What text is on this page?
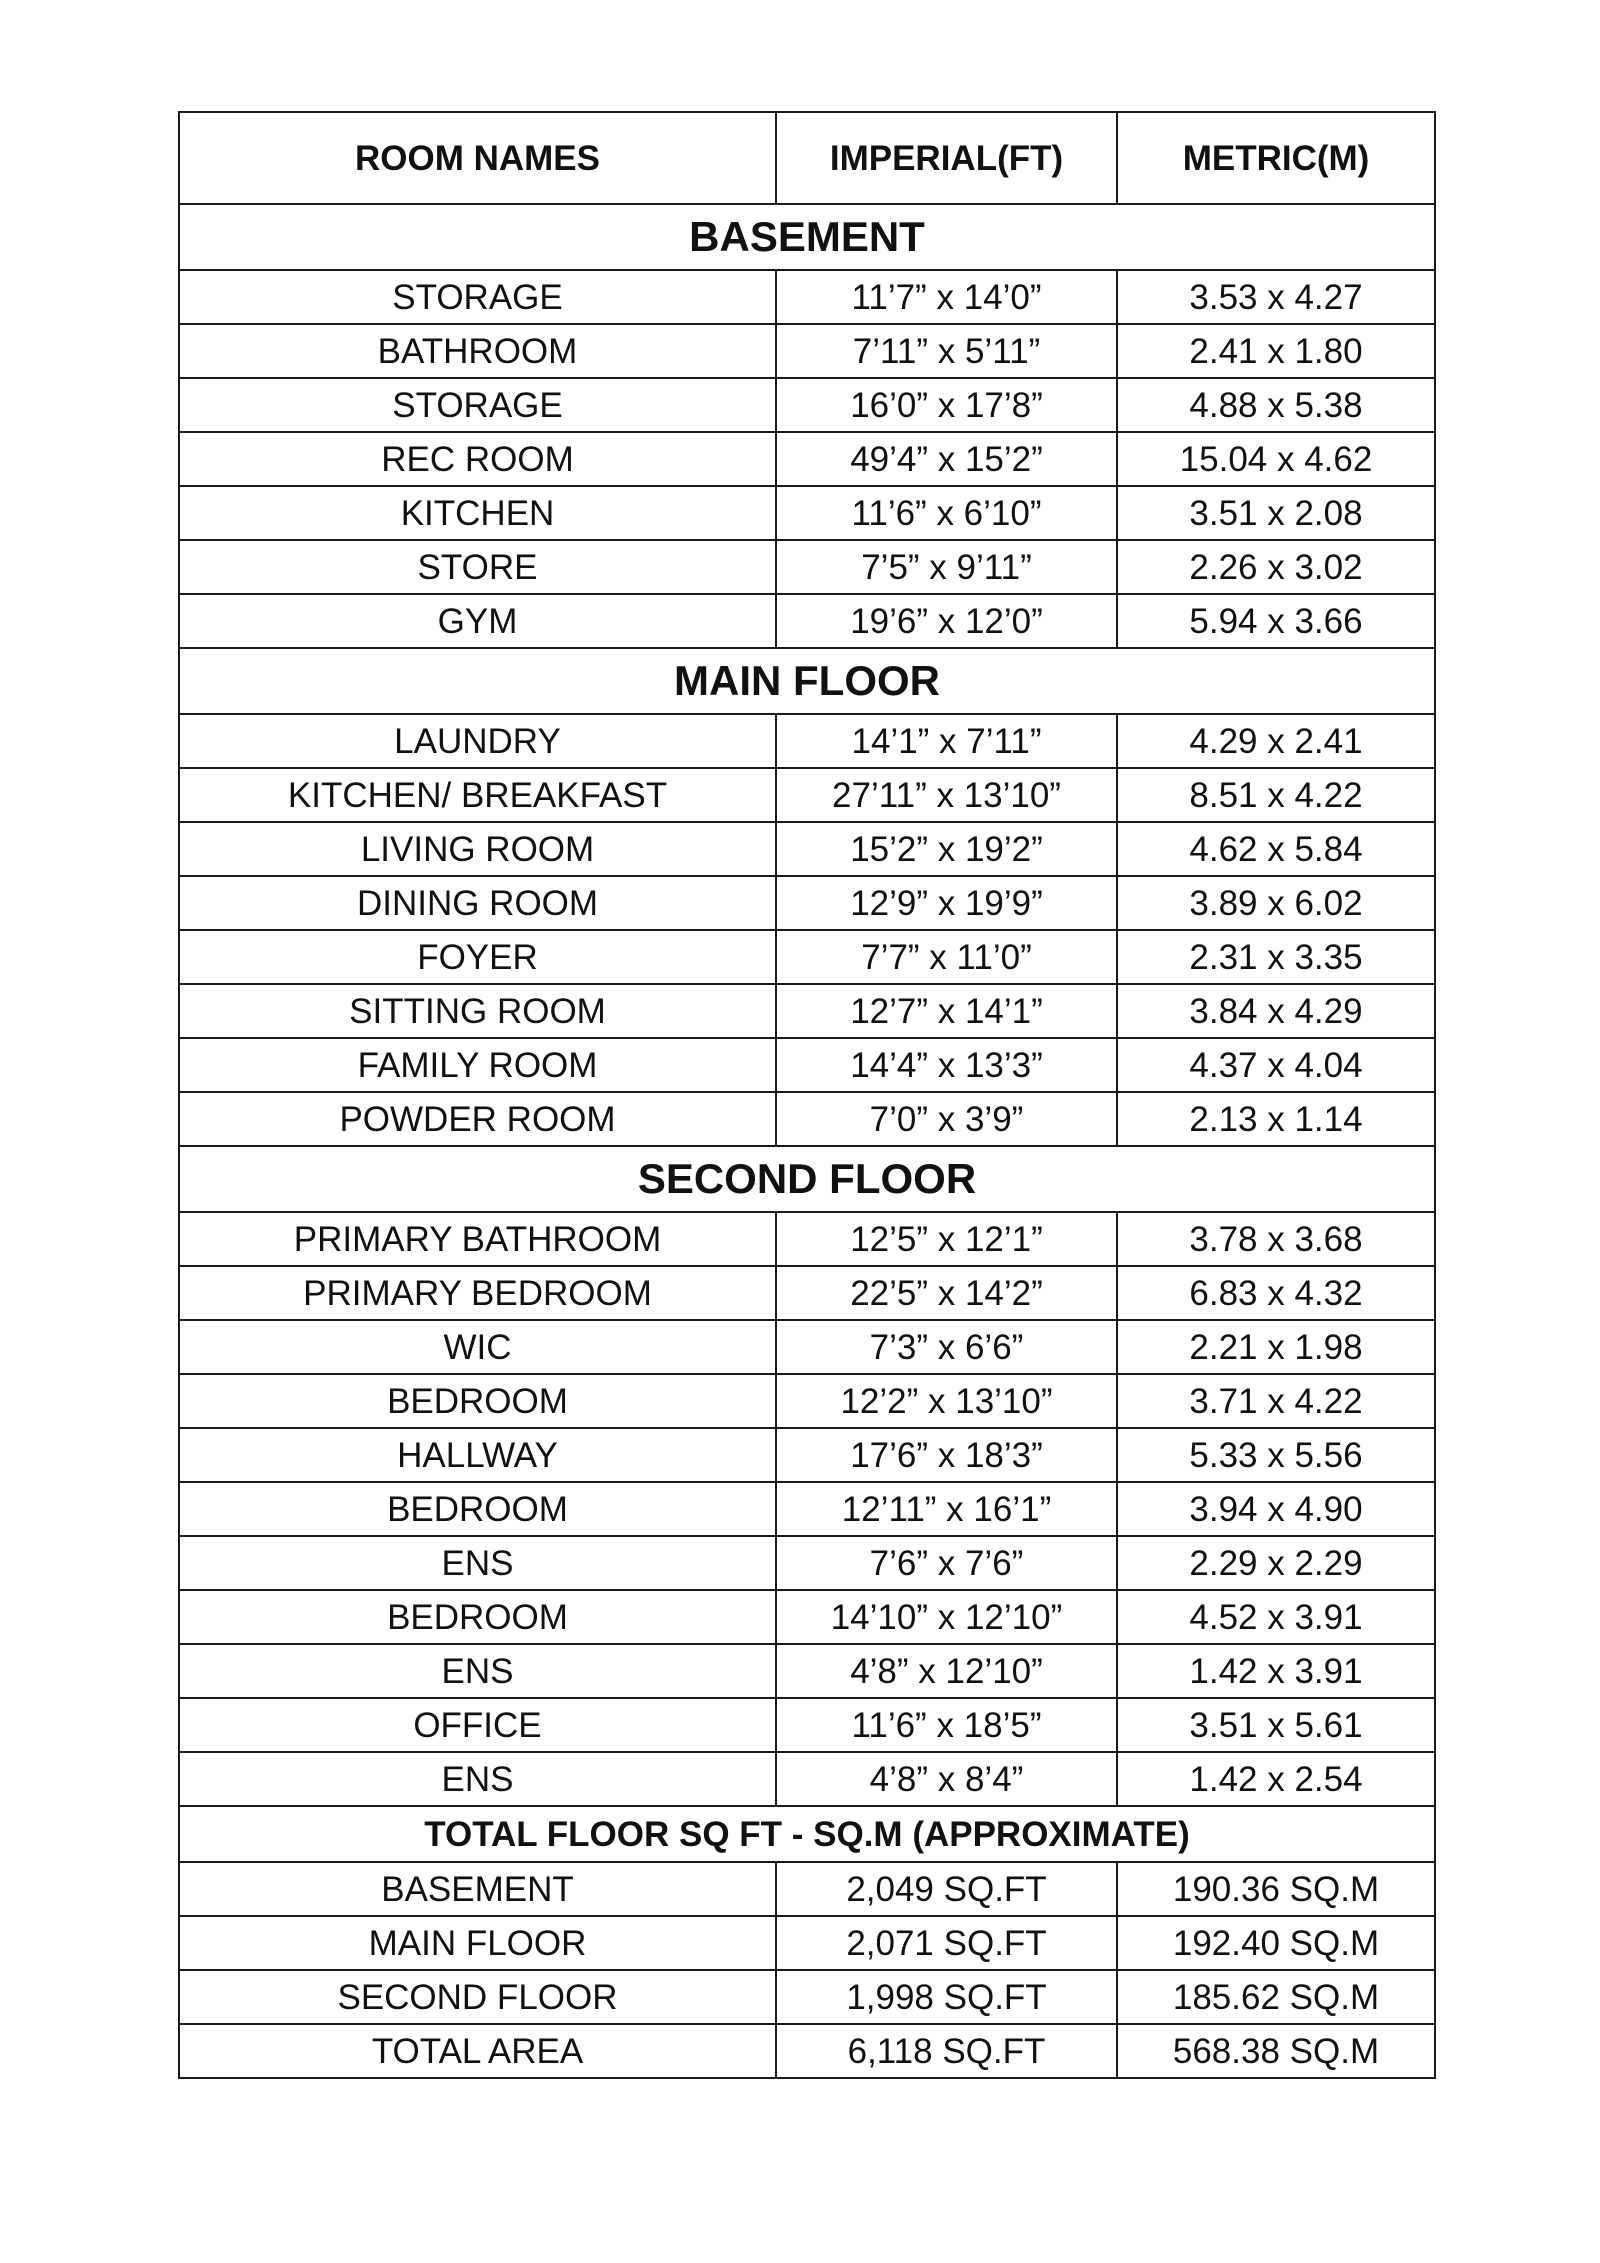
ROOM NAMES	IMPERIAL(FT)	METRIC(M)
BASEMENT		
STORAGE	11’7” x 14’0”	3.53 x 4.27
BATHROOM	7’11” x 5’11”	2.41 x 1.80
STORAGE	16’0” x 17’8”	4.88 x 5.38
REC ROOM	49’4” x 15’2”	15.04 x 4.62
KITCHEN	11’6” x 6’10”	3.51 x 2.08
STORE	7’5” x 9’11”	2.26 x 3.02
GYM	19’6” x 12’0”	5.94 x 3.66
MAIN FLOOR		
LAUNDRY	14’1” x 7’11”	4.29 x 2.41
KITCHEN/ BREAKFAST	27’11” x 13’10”	8.51 x 4.22
LIVING ROOM	15’2” x 19’2”	4.62 x 5.84
DINING ROOM	12’9” x 19’9”	3.89 x 6.02
FOYER	7’7” x 11’0”	2.31 x 3.35
SITTING ROOM	12’7” x 14’1”	3.84 x 4.29
FAMILY ROOM	14’4” x 13’3”	4.37 x 4.04
POWDER ROOM	7’0” x 3’9”	2.13 x 1.14
SECOND FLOOR		
PRIMARY BATHROOM	12’5” x 12’1”	3.78 x 3.68
PRIMARY BEDROOM	22’5” x 14’2”	6.83 x 4.32
WIC	7’3” x 6’6”	2.21 x 1.98
BEDROOM	12’2” x 13’10”	3.71 x 4.22
HALLWAY	17’6” x 18’3”	5.33 x 5.56
BEDROOM	12’11” x 16’1”	3.94 x 4.90
ENS	7’6” x 7’6”	2.29 x 2.29
BEDROOM	14’10” x 12’10”	4.52 x 3.91
ENS	4’8” x 12’10”	1.42 x 3.91
OFFICE	11’6” x 18’5”	3.51 x 5.61
ENS	4’8” x 8’4”	1.42 x 2.54
TOTAL FLOOR SQ FT - SQ.M (APPROXIMATE)		
BASEMENT	2,049 SQ.FT	190.36 SQ.M
MAIN FLOOR	2,071 SQ.FT	192.40 SQ.M
SECOND FLOOR	1,998 SQ.FT	185.62 SQ.M
TOTAL AREA	6,118 SQ.FT	568.38 SQ.M
